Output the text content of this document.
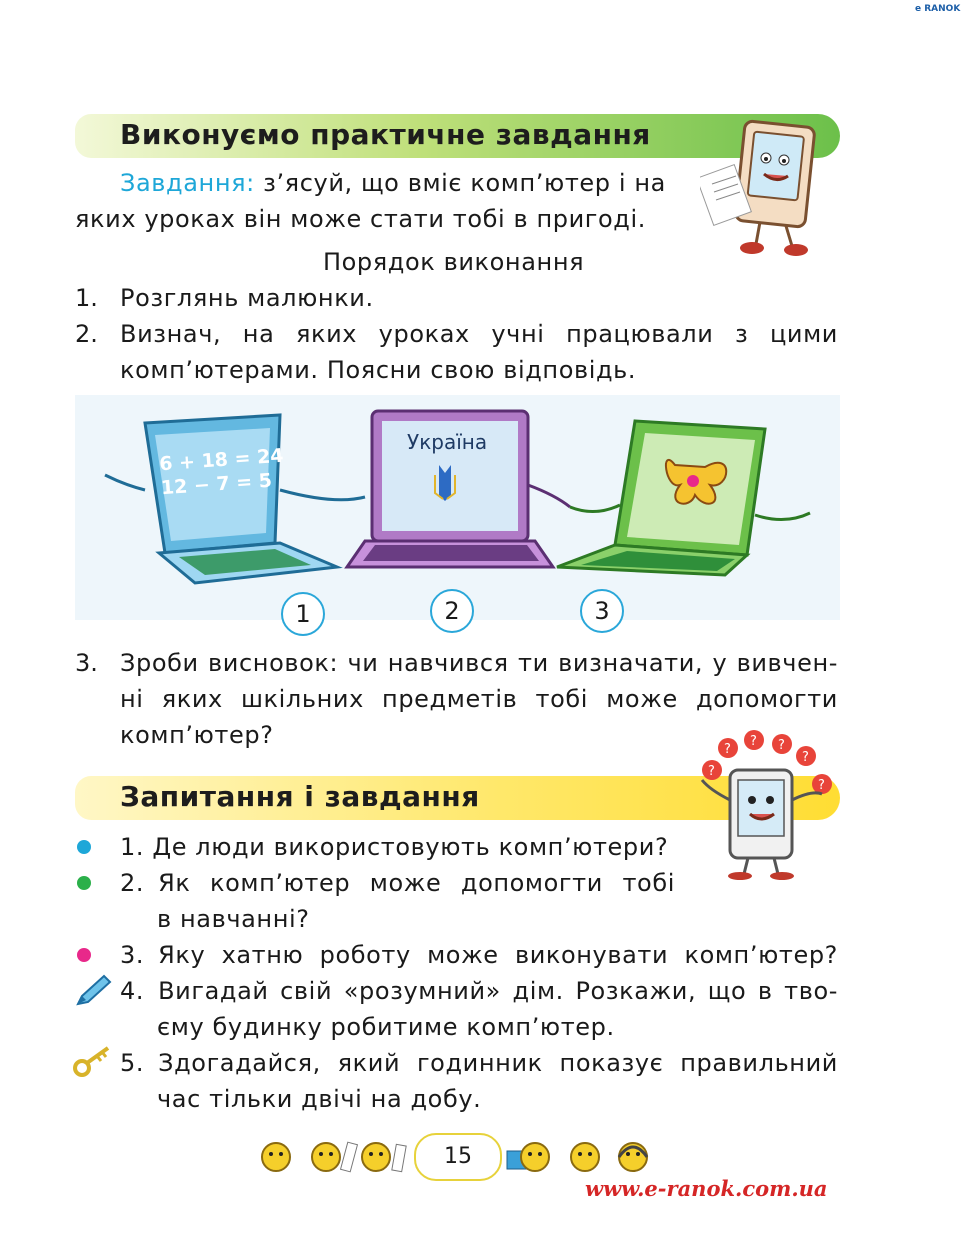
e RANOK
Виконуємо практичне завдання
Завдання: з’ясуй, що вміє комп’ютер і на
яких уроках він може стати тобі в пригоді.
Порядок виконання
1. Розглянь малюнки.
2. Визнач, на яких уроках учні працювали з цими
комп’ютерами. Поясни свою відповідь.
6 + 18 = 24
12 − 7 = 5
Україна
1	2	3
3. Зроби висновок: чи навчився ти визначати, у вивчен-
ні яких шкільних предметів тобі може допомогти
комп’ютер?
Запитання і завдання
?
?
? ?
?
?
1. Де люди використовують комп’ютери?
2. Як комп’ютер може допомогти тобі
в навчанні?
3. Яку хатню роботу може виконувати комп’ютер?
4. Вигадай свій «розумний» дім. Розкажи, що в тво-
єму будинку робитиме комп’ютер.
5. Здогадайся, який годинник показує правильний
час тільки двічі на добу.
15
www.e-ranok.com.ua
